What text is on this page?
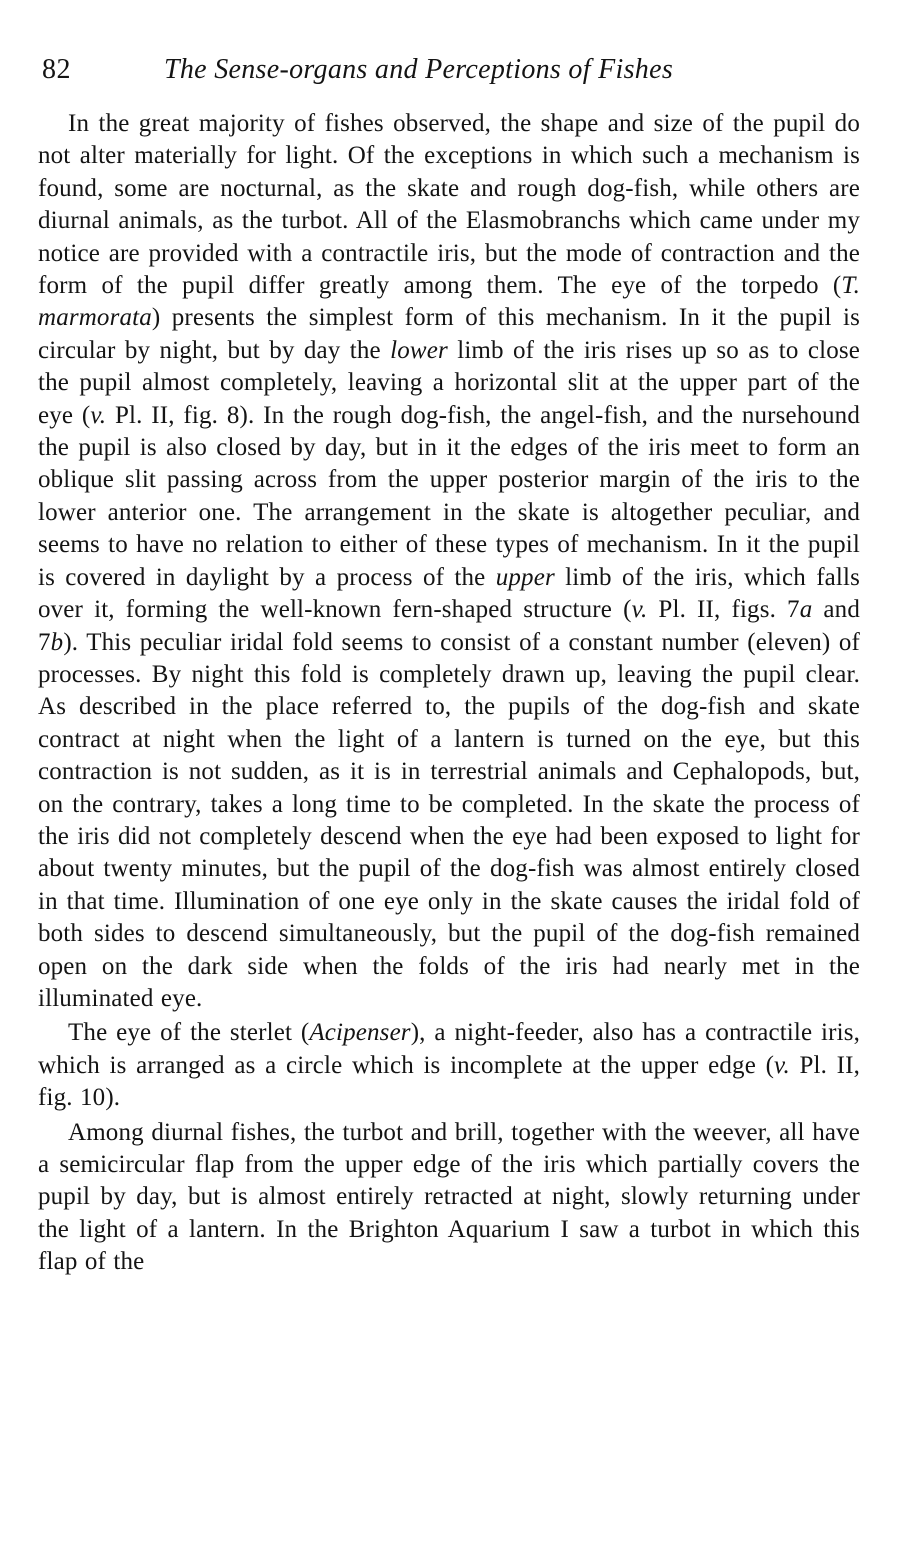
82	The Sense-organs and Perceptions of Fishes

In the great majority of fishes observed, the shape and size of the pupil do not alter materially for light. Of the exceptions in which such a mechanism is found, some are nocturnal, as the skate and rough dog-fish, while others are diurnal animals, as the turbot. All of the Elasmobranchs which came under my notice are provided with a contractile iris, but the mode of contraction and the form of the pupil differ greatly among them. The eye of the torpedo (T. marmorata) presents the simplest form of this mechanism. In it the pupil is circular by night, but by day the lower limb of the iris rises up so as to close the pupil almost completely, leaving a horizontal slit at the upper part of the eye (v. Pl. II, fig. 8). In the rough dog-fish, the angel-fish, and the nursehound the pupil is also closed by day, but in it the edges of the iris meet to form an oblique slit passing across from the upper posterior margin of the iris to the lower anterior one. The arrangement in the skate is altogether peculiar, and seems to have no relation to either of these types of mechanism. In it the pupil is covered in daylight by a process of the upper limb of the iris, which falls over it, forming the well-known fern-shaped structure (v. Pl. II, figs. 7a and 7b). This peculiar iridal fold seems to consist of a constant number (eleven) of processes. By night this fold is completely drawn up, leaving the pupil clear. As described in the place referred to, the pupils of the dog-fish and skate contract at night when the light of a lantern is turned on the eye, but this contraction is not sudden, as it is in terrestrial animals and Cephalopods, but, on the contrary, takes a long time to be completed. In the skate the process of the iris did not completely descend when the eye had been exposed to light for about twenty minutes, but the pupil of the dog-fish was almost entirely closed in that time. Illumination of one eye only in the skate causes the iridal fold of both sides to descend simultaneously, but the pupil of the dog-fish remained open on the dark side when the folds of the iris had nearly met in the illuminated eye.

The eye of the sterlet (Acipenser), a night-feeder, also has a contractile iris, which is arranged as a circle which is incomplete at the upper edge (v. Pl. II, fig. 10).

Among diurnal fishes, the turbot and brill, together with the weever, all have a semicircular flap from the upper edge of the iris which partially covers the pupil by day, but is almost entirely retracted at night, slowly returning under the light of a lantern. In the Brighton Aquarium I saw a turbot in which this flap of the
